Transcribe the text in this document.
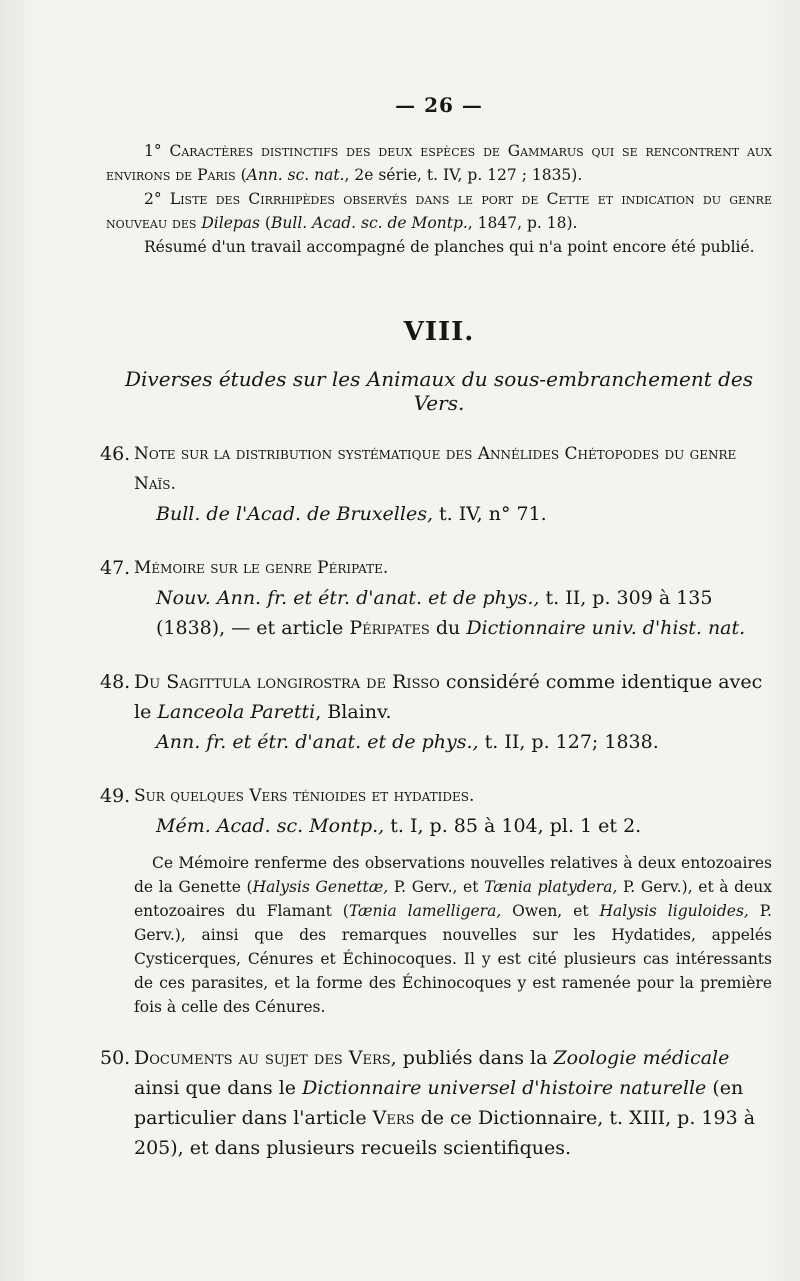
— 26 —

1° Caractères distinctifs des deux espèces de Gammarus qui se rencontrent aux environs de Paris (Ann. sc. nat., 2e série, t. IV, p. 127 ; 1835).

2° Liste des Cirrhipèdes observés dans le port de Cette et indication du genre nouveau des Dilepas (Bull. Acad. sc. de Montp., 1847, p. 18).

Résumé d'un travail accompagné de planches qui n'a point encore été publié.

VIII.
Diverses études sur les Animaux du sous-embranchement des Vers.
46. Note sur la distribution systématique des Annélides Chétopodes du genre Naïs.
Bull. de l'Acad. de Bruxelles, t. IV, n° 71.
47. Mémoire sur le genre Péripate.
Nouv. Ann. fr. et étr. d'anat. et de phys., t. II, p. 309 à 135 (1838), — et article Péripates du Dictionnaire univ. d'hist. nat.
48. Du Sagittula longirostra de Risso considéré comme identique avec le Lanceola Paretti, Blainv.
Ann. fr. et étr. d'anat. et de phys., t. II, p. 127; 1838.
49. Sur quelques Vers ténioides et hydatides.
Mém. Acad. sc. Montp., t. I, p. 85 à 104, pl. 1 et 2.
Ce Mémoire renferme des observations nouvelles relatives à deux entozoaires de la Genette (Halysis Genettæ, P. Gerv., et Tænia platydera, P. Gerv.), et à deux entozoaires du Flamant (Tænia lamelligera, Owen, et Halysis liguloides, P. Gerv.), ainsi que des remarques nouvelles sur les Hydatides, appelés Cysticerques, Cénures et Échinocoques. Il y est cité plusieurs cas intéressants de ces parasites, et la forme des Échinocoques y est ramenée pour la première fois à celle des Cénures.
50. Documents au sujet des Vers, publiés dans la Zoologie médicale ainsi que dans le Dictionnaire universel d'histoire naturelle (en particulier dans l'article Vers de ce Dictionnaire, t. XIII, p. 193 à 205), et dans plusieurs recueils scientifiques.
